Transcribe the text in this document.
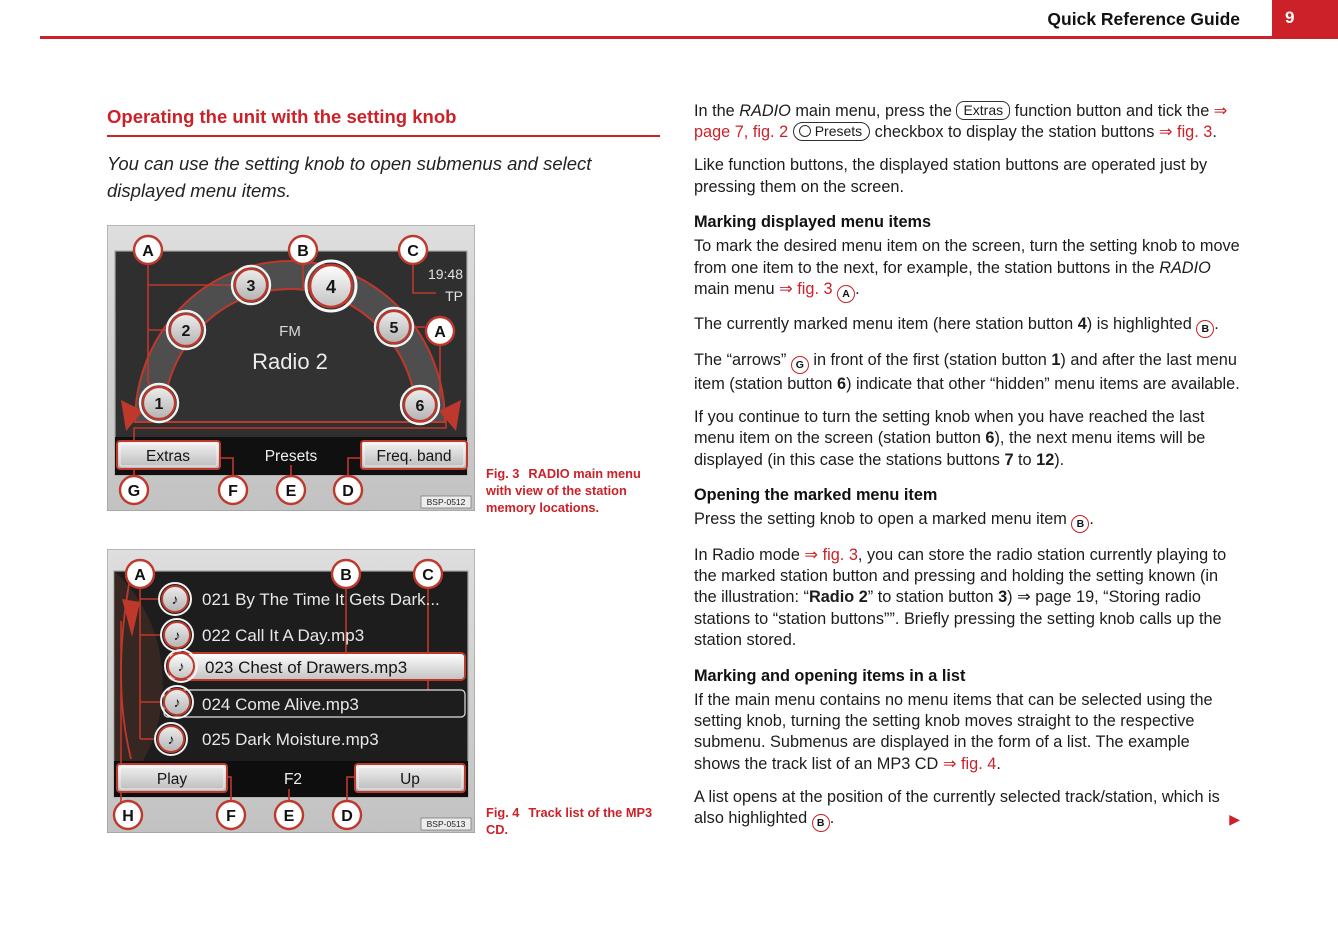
Quick Reference Guide	9
Operating the unit with the setting knob

You can use the setting knob to open submenus and select displayed menu items.

19:48
TP
FM
Radio 2
1
2
3	4
5
6
Extras	Presets	Freq. band
A	B	C
A
G	F	E	D
BSP-0512
Fig. 3 RADIO main menu with view of the station memory locations.
021 By The Time It Gets Dark...
022 Call It A Day.mp3
023 Chest of Drawers.mp3
024 Come Alive.mp3
025 Dark Moisture.mp3
♪
♪
♪
♪
♪
Play	F2	Up
A	B	C
H	F	E	D	BSP-0513
Fig. 4 Track list of the MP3 CD.

In the RADIO main menu, press the Extras function button and tick the ⇒ page 7, fig. 2 Presets checkbox to display the station buttons ⇒ fig. 3.

Like function buttons, the displayed station buttons are operated just by pressing them on the screen.

Marking displayed menu items

To mark the desired menu item on the screen, turn the setting knob to move from one item to the next, for example, the station buttons in the RADIO main menu ⇒ fig. 3 A .

The currently marked menu item (here station button 4) is highlighted B .

The “arrows” G in front of the first (station button 1) and after the last menu item (station button 6) indicate that other “hidden” menu items are available.

If you continue to turn the setting knob when you have reached the last menu item on the screen (station button 6), the next menu items will be displayed (in this case the stations buttons 7 to 12).

Opening the marked menu item

Press the setting knob to open a marked menu item B .

In Radio mode ⇒ fig. 3, you can store the radio station currently playing to the marked station button and pressing and holding the setting known (in the illustration: “Radio 2” to station button 3) ⇒ page 19, “Storing radio stations to “station buttons””. Briefly pressing the setting knob calls up the station stored.

Marking and opening items in a list

If the main menu contains no menu items that can be selected using the setting knob, turning the setting knob moves straight to the respective submenu. Submenus are displayed in the form of a list. The example shows the track list of an MP3 CD ⇒ fig. 4.

A list opens at the position of the currently selected track/station, which is also highlighted B .	▶
